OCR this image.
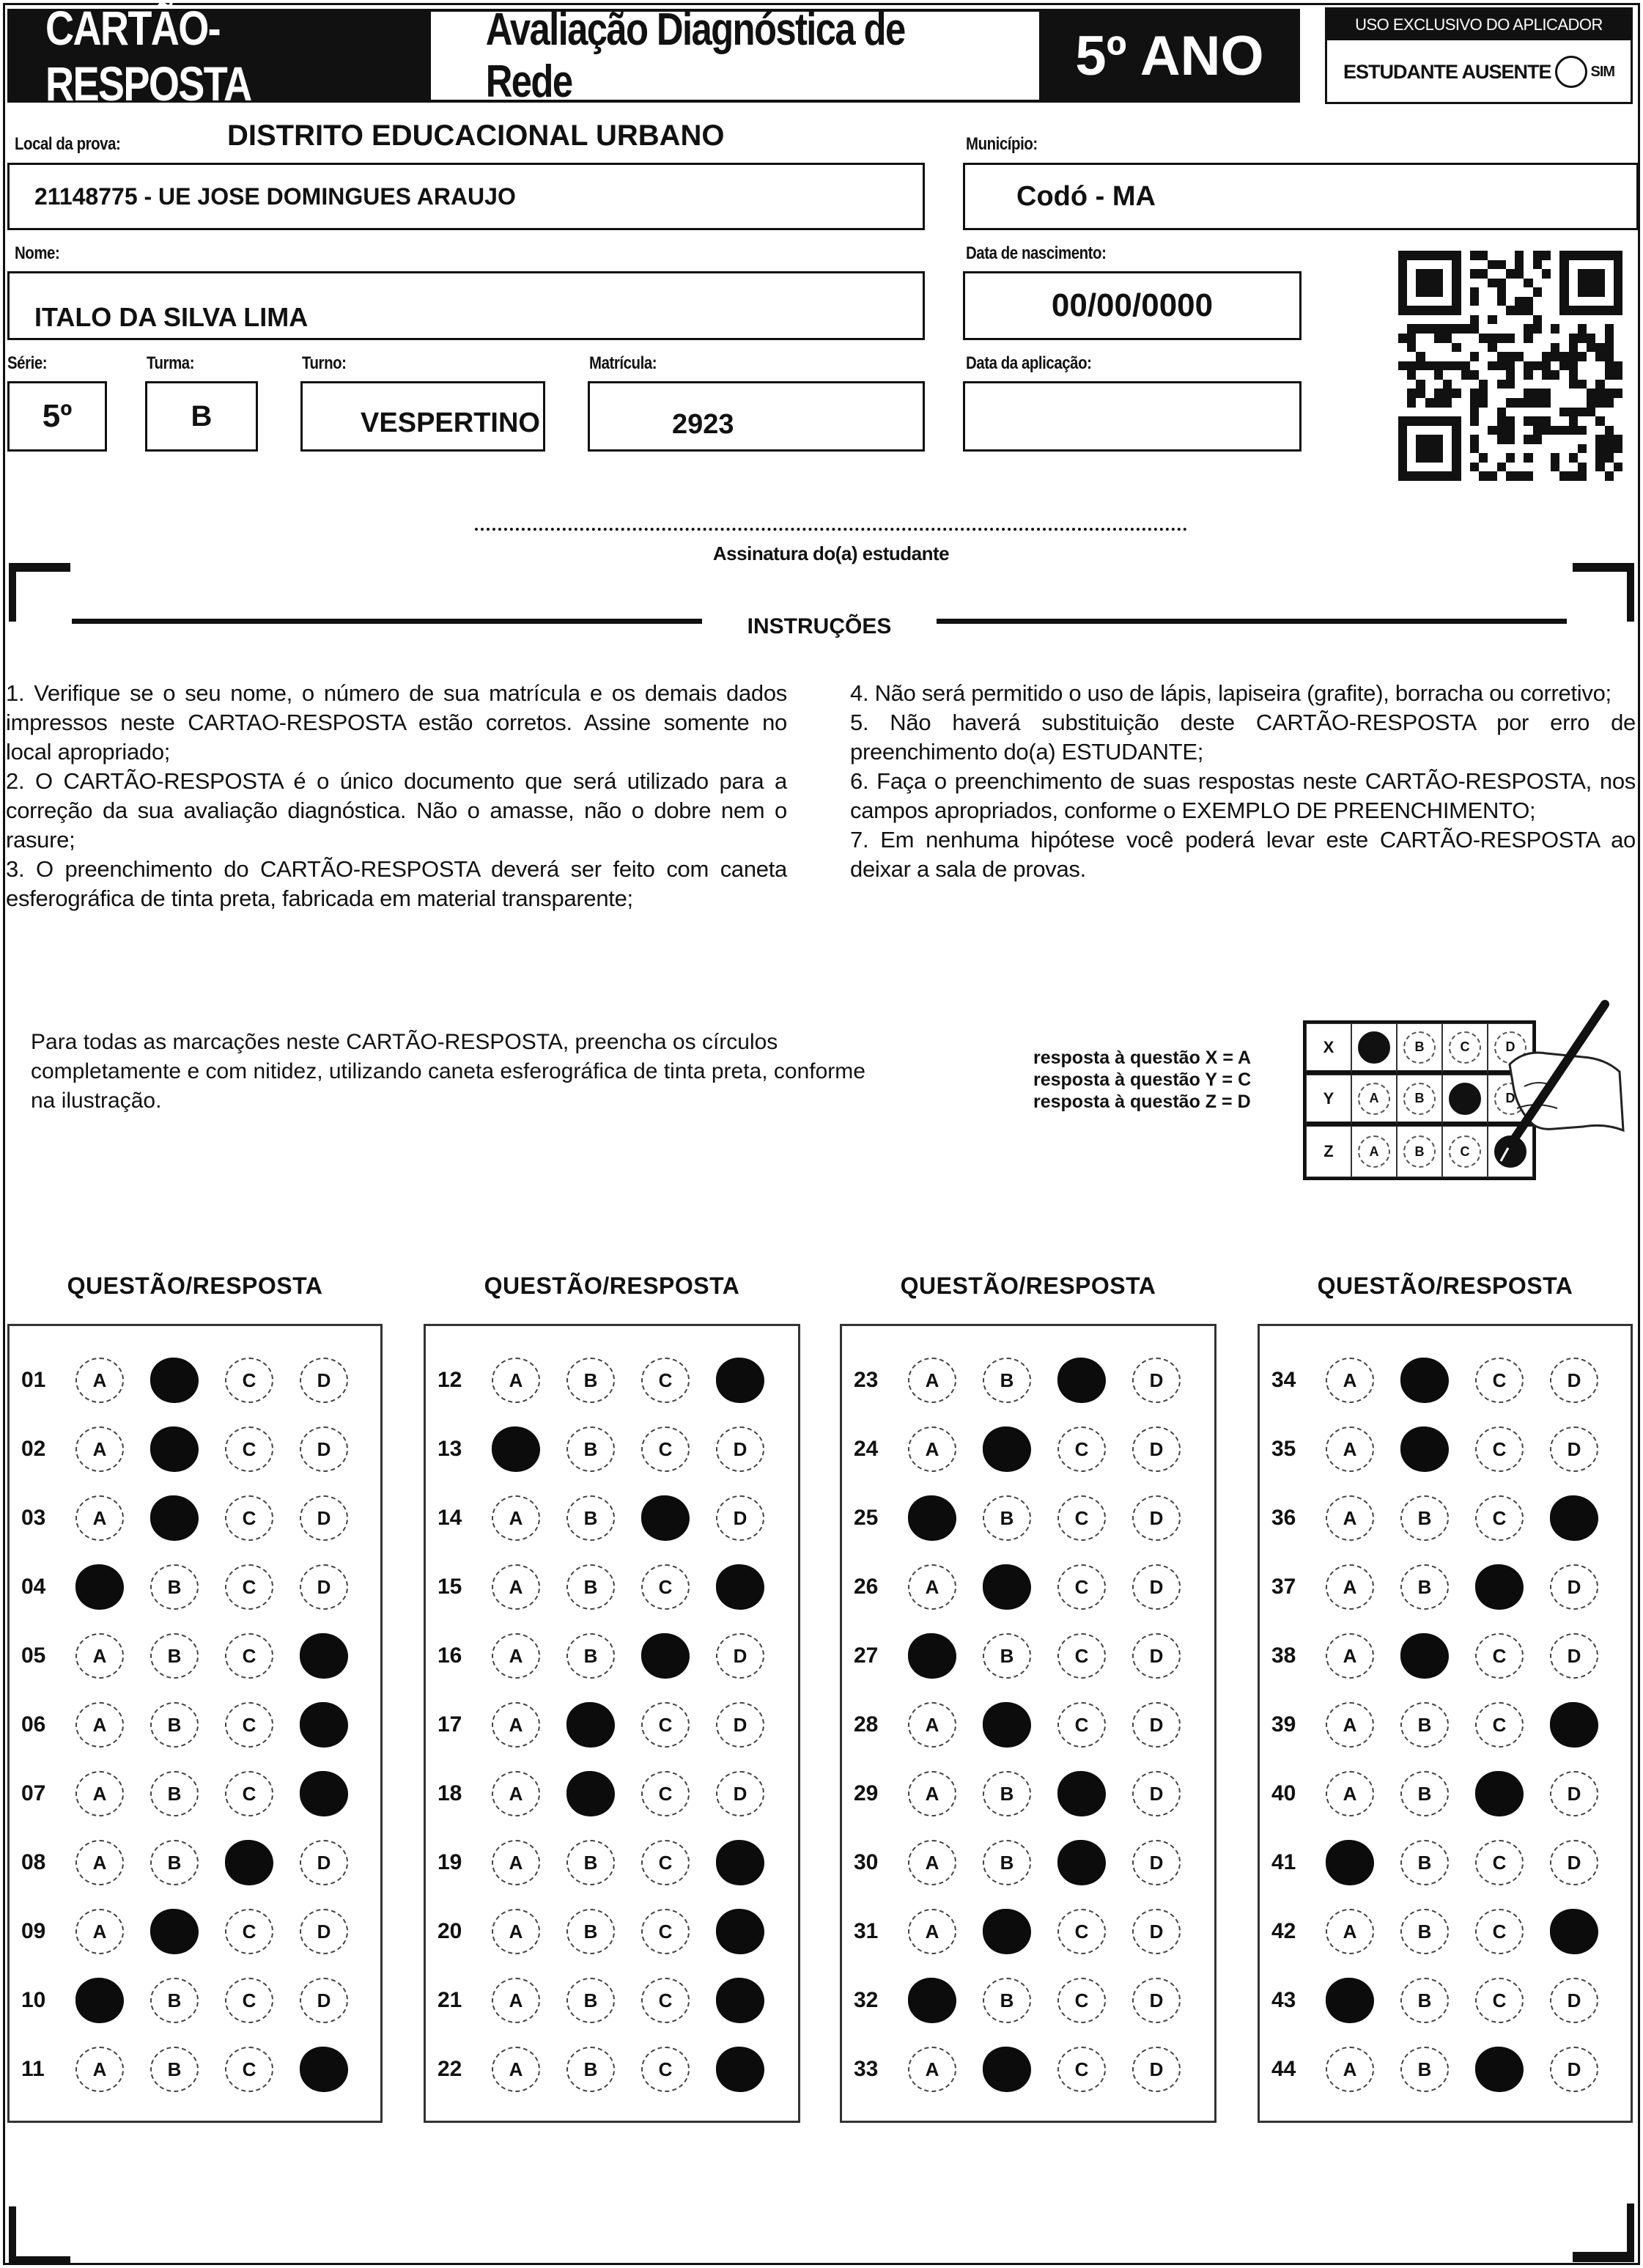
CARTÃO-RESPOSTA
Avaliação Diagnóstica de Rede	5º ANO	USO EXCLUSIVO DO APLICADOR
ESTUDANTE AUSENTE	SIM
DISTRITO EDUCACIONAL URBANO
Local da prova:
21148775 - UE JOSE DOMINGUES ARAUJO
Município:
Codó - MA
Nome:
ITALO DA SILVA LIMA
Data de nascimento:
00/00/0000
Série:
5º
Turma:
B
Turno:
VESPERTINO
Matrícula:
2923
Data da aplicação:
Assinatura do(a) estudante
INSTRUÇÕES

1. Verifique se o seu nome, o número de sua matrícula e os demais dados impressos neste CARTAO-RESPOSTA estão corretos. Assine somente no local apropriado;

2. O CARTÃO-RESPOSTA é o único documento que será utilizado para a correção da sua avaliação diagnóstica. Não o amasse, não o dobre nem o rasure;

3. O preenchimento do CARTÃO-RESPOSTA deverá ser feito com caneta esferográfica de tinta preta, fabricada em material transparente;

4. Não será permitido o uso de lápis, lapiseira (grafite), borracha ou corretivo;

5. Não haverá substituição deste CARTÃO-RESPOSTA por erro de preenchimento do(a) ESTUDANTE;

6. Faça o preenchimento de suas respostas neste CARTÃO-RESPOSTA, nos campos apropriados, conforme o EXEMPLO DE PREENCHIMENTO;

7. Em nenhuma hipótese você poderá levar este CARTÃO-RESPOSTA ao deixar a sala de provas.

Para todas as marcações neste CARTÃO-RESPOSTA, preencha os círculos completamente e com nitidez, utilizando caneta esferográfica de tinta preta, conforme na ilustração.
resposta à questão X = A
resposta à questão Y = C
resposta à questão Z = D
X	B	C	D
Y	A	B	D
Z	A	B	C
QUESTÃO/RESPOSTA
01	A	C	D
02	A	C	D
03	A	C	D
04	B	C	D
05	A	B	C
06	A	B	C
07	A	B	C
08	A	B	D
09	A	C	D
10	B	C	D
11	A	B	C
QUESTÃO/RESPOSTA
12	A	B	C
13	B	C	D
14	A	B	D
15	A	B	C
16	A	B	D
17	A	C	D
18	A	C	D
19	A	B	C
20	A	B	C
21	A	B	C
22	A	B	C
QUESTÃO/RESPOSTA
23	A	B	D
24	A	C	D
25	B	C	D
26	A	C	D
27	B	C	D
28	A	C	D
29	A	B	D
30	A	B	D
31	A	C	D
32	B	C	D
33	A	C	D
QUESTÃO/RESPOSTA
34	A	C	D
35	A	C	D
36	A	B	C
37	A	B	D
38	A	C	D
39	A	B	C
40	A	B	D
41	B	C	D
42	A	B	C
43	B	C	D
44	A	B	D
